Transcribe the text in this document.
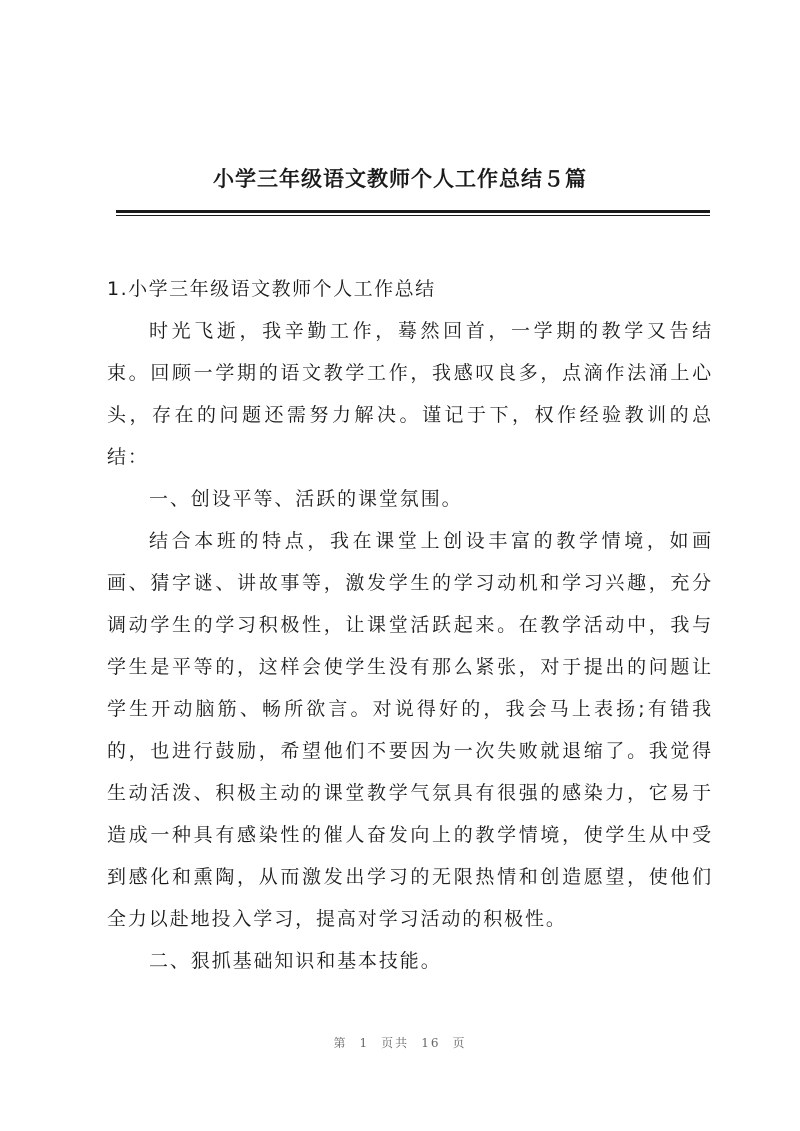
小学三年级语文教师个人工作总结５篇

1.小学三年级语文教师个人工作总结

时光飞逝，我辛勤工作，蓦然回首，一学期的教学又告结束。回顾一学期的语文教学工作，我感叹良多，点滴作法涌上心头，存在的问题还需努力解决。谨记于下，权作经验教训的总结：

一、创设平等、活跃的课堂氛围。

结合本班的特点，我在课堂上创设丰富的教学情境，如画画、猜字谜、讲故事等，激发学生的学习动机和学习兴趣，充分调动学生的学习积极性，让课堂活跃起来。在教学活动中，我与学生是平等的，这样会使学生没有那么紧张，对于提出的问题让学生开动脑筋、畅所欲言。对说得好的，我会马上表扬;有错我的，也进行鼓励，希望他们不要因为一次失败就退缩了。我觉得生动活泼、积极主动的课堂教学气氛具有很强的感染力，它易于造成一种具有感染性的催人奋发向上的教学情境，使学生从中受到感化和熏陶，从而激发出学习的无限热情和创造愿望，使他们全力以赴地投入学习，提高对学习活动的积极性。

二、狠抓基础知识和基本技能。

第 1 页共 16 页
